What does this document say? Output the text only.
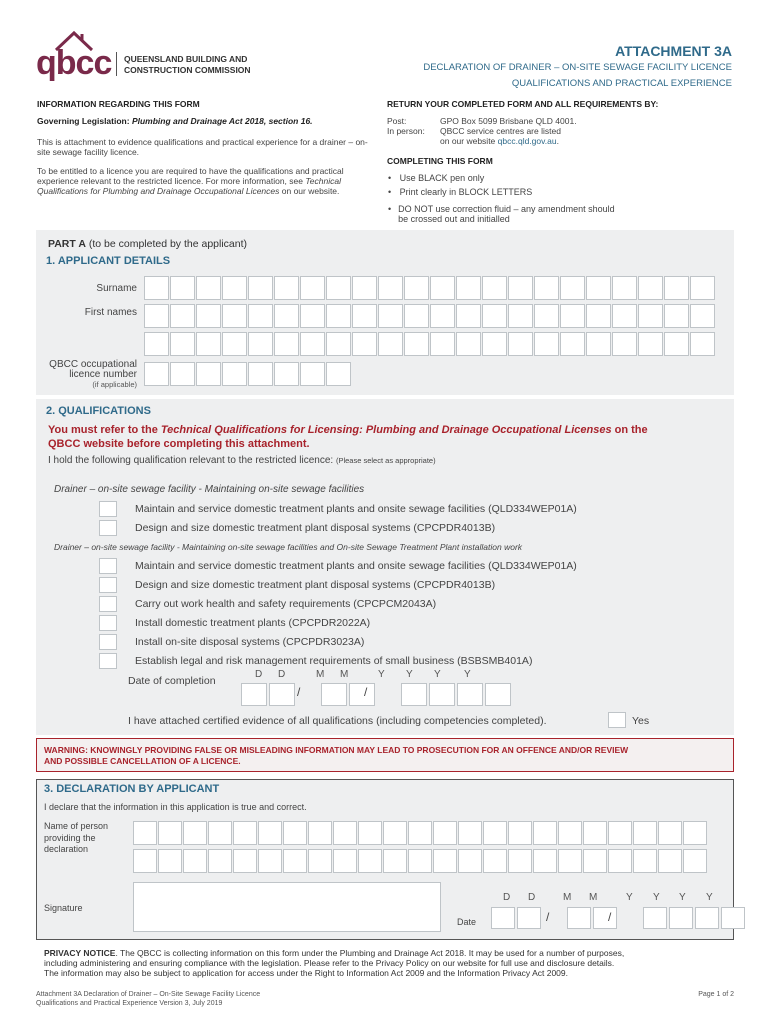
qbcc QUEENSLAND BUILDING AND
CONSTRUCTION COMMISSION
ATTACHMENT 3A
DECLARATION OF DRAINER – ON-SITE SEWAGE FACILITY LICENCE
QUALIFICATIONS AND PRACTICAL EXPERIENCE
INFORMATION REGARDING THIS FORM
Governing Legislation: Plumbing and Drainage Act 2018, section 16.
This is attachment to evidence qualifications and practical experience for a drainer – on-site sewage facility licence.
To be entitled to a licence you are required to have the qualifications and practical experience relevant to the restricted licence. For more information, see Technical Qualifications for Plumbing and Drainage Occupational Licences on our website.
RETURN YOUR COMPLETED FORM AND ALL REQUIREMENTS BY:
Post:	GPO Box 5099 Brisbane QLD 4001.
In person: QBCC service centres are listed
on our website qbcc.qld.gov.au.
COMPLETING THIS FORM
• Use BLACK pen only
• Print clearly in BLOCK LETTERS
• DO NOT use correction fluid – any amendment should be crossed out and initialled
PART A (to be completed by the applicant)
1. APPLICANT DETAILS
Surname
First names
QBCC occupational
licence number
(if applicable)
2. QUALIFICATIONS
You must refer to the Technical Qualifications for Licensing: Plumbing and Drainage Occupational Licenses on the
QBCC website before completing this attachment.
I hold the following qualification relevant to the restricted licence: (Please select as appropriate)
Drainer – on-site sewage facility - Maintaining on-site sewage facilities
Maintain and service domestic treatment plants and onsite sewage facilities (QLD334WEP01A)
Design and size domestic treatment plant disposal systems (CPCPDR4013B)
Drainer – on-site sewage facility - Maintaining on-site sewage facilities and On-site Sewage Treatment Plant installation work
Maintain and service domestic treatment plants and onsite sewage facilities (QLD334WEP01A)
Design and size domestic treatment plant disposal systems (CPCPDR4013B)
Carry out work health and safety requirements (CPCPCM2043A)
Install domestic treatment plants (CPCPDR2022A)
Install on-site disposal systems (CPCPDR3023A)
Establish legal and risk management requirements of small business (BSBSMB401A)
Date of completion
D D	M M	Y Y Y Y
I have attached certified evidence of all qualifications (including competencies completed).	Yes
WARNING: KNOWINGLY PROVIDING FALSE OR MISLEADING INFORMATION MAY LEAD TO PROSECUTION FOR AN OFFENCE AND/OR REVIEW
AND POSSIBLE CANCELLATION OF A LICENCE.
3. DECLARATION BY APPLICANT
I declare that the information in this application is true and correct.
Name of person
providing the
declaration
Signature
D D	M M	Y Y Y Y
Date
PRIVACY NOTICE. The QBCC is collecting information on this form under the Plumbing and Drainage Act 2018. It may be used for a number of purposes,
including administering and ensuring compliance with the legislation. Please refer to the Privacy Policy on our website for full use and disclosure details.
The information may also be subject to application for access under the Right to Information Act 2009 and the Information Privacy Act 2009.
Attachment 3A Declaration of Drainer – On-Site Sewage Facility Licence
Qualifications and Practical Experience Version 3, July 2019
Page 1 of 2
/	/
/	/
